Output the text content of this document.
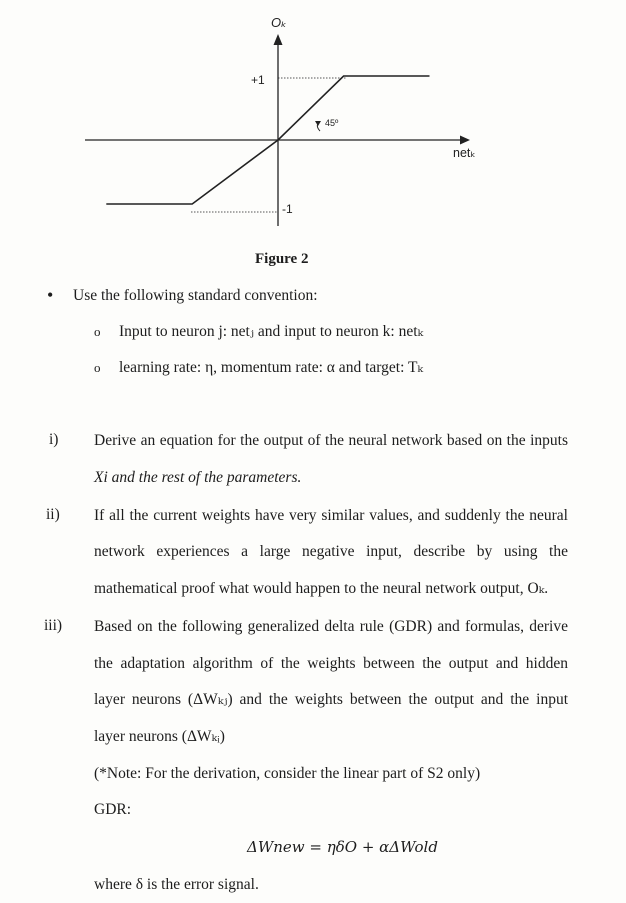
Oₖ
netₖ
+1
-1
45º
Figure 2
• Use the following standard convention:
o Input to neuron j: netⱼ and input to neuron k: netₖ
o learning rate: η, momentum rate: α and target: Tₖ
i) Derive an equation for the output of the neural network based on the inputs
Xi and the rest of the parameters.
ii) If all the current weights have very similar values, and suddenly the neural
network experiences a large negative input, describe by using the
mathematical proof what would happen to the neural network output, Oₖ.
iii) Based on the following generalized delta rule (GDR) and formulas, derive
the adaptation algorithm of the weights between the output and hidden
layer neurons (ΔWₖⱼ) and the weights between the output and the input
layer neurons (ΔWₖᵢ)
(*Note: For the derivation, consider the linear part of S2 only)
GDR:
ΔWnew = ηδO + αΔWold
where δ is the error signal.
